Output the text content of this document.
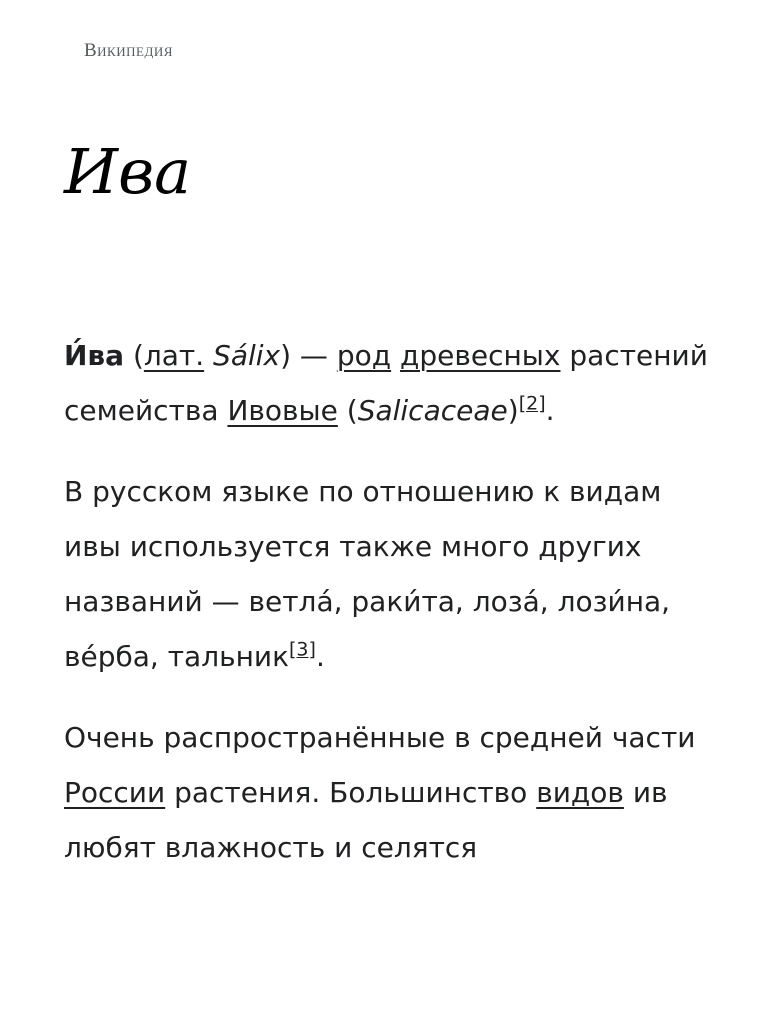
Википедия
Ива

И́ва (лат. Sálix) — род древесных растений семейства Ивовые (Salicaceae)[2].

В русском языке по отношению к видам ивы используется также много других названий — ветла́, раки́та, лоза́, лози́на, ве́рба, тальник[3].

Очень распространённые в средней части России растения. Большинство видов ив любят влажность и селятся
